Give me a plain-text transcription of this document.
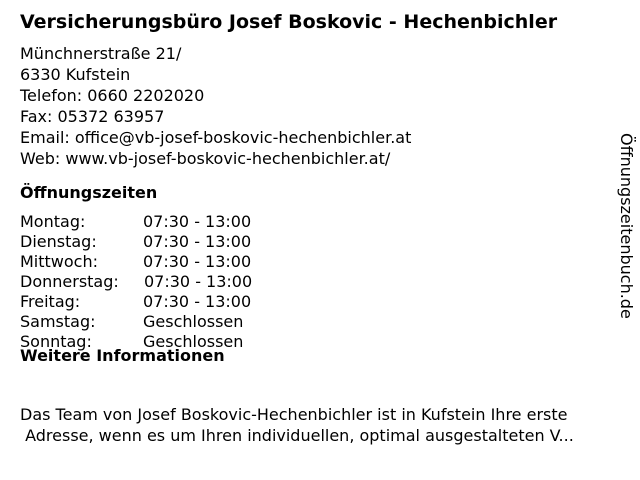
Versicherungsbüro Josef Boskovic - Hechenbichler
Münchnerstraße 21/
6330 Kufstein
Telefon: 0660 2202020
Fax: 05372 63957
Email: office@vb-josef-boskovic-hechenbichler.at
Web: www.vb-josef-boskovic-hechenbichler.at/
Öffnungszeiten
Montag:	07:30 - 13:00
Dienstag:	07:30 - 13:00
Mittwoch:	07:30 - 13:00
Donnerstag: 07:30 - 13:00
Freitag:	07:30 - 13:00
Samstag:	Geschlossen
Sonntag:	Geschlossen
Weitere Informationen
Das Team von Josef Boskovic-Hechenbichler ist in Kufstein Ihre erste
Adresse, wenn es um Ihren individuellen, optimal ausgestalteten V...
Öffnungszeitenbuch.de
